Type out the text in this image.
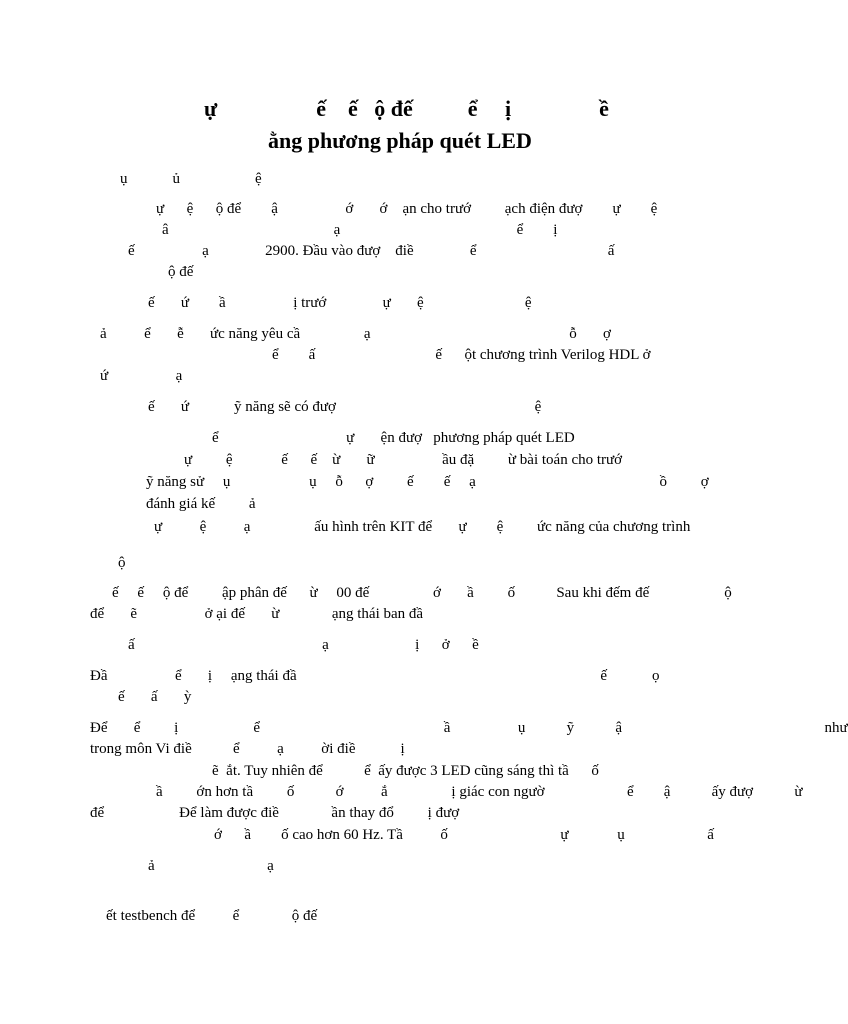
ự                  ế    ế   ộ đế          ể     ị                ề
ằng phương pháp quét LED
ụ            ủ                    ệ
ự      ệ      ộ để        ậ                  ớ       ớ    ạn cho trướ         ạch điện đượ        ự        ệ
â                                            ạ                                               ể        ị
ế                  ạ               2900. Đầu vào đượ    điề               ể                                   ấ
ộ đế
ế       ứ        ầ                  ị trướ               ự       ệ                           ệ
ả          ể       ễ       ức năng yêu cầ                 ạ                                                     ỗ       ợ
ể        ấ                                ế      ột chương trình Verilog HDL ở
ứ                  ạ
ế       ứ            ỹ năng sẽ có đượ                                                     ệ
ể                                  ự       ện đượ   phương pháp quét LED
ự         ệ             ế      ế    ừ       ữ                  ầu đặ         ừ bài toán cho trướ
ỹ năng sử     ụ                     ụ     ỗ      ợ         ế        ế     ạ                                                 ồ         ợ
đánh giá kế         ả
ự          ệ          ạ                 ấu hình trên KIT để       ự        ệ         ức năng của chương trình
ộ
ế     ế     ộ để         ập phân đế      ừ     00 đế                 ớ       ầ         ố           Sau khi đếm đế                    ộ
để       ẽ                  ở ại đế       ừ              ạng thái ban đầ
ấ                                                  ạ                       ị      ở      ề
Đầ                  ể       ị     ạng thái đầ                                                                                 ế            ọ
ế       ấ       ỳ
Để       ể         ị                    ể                                                 ầ                  ụ           ỹ           ậ                                                      như
trong môn Vi điề           ể          ạ          ời điề            ị
ẽ  ắt. Tuy nhiên để           ể  ấy được 3 LED cũng sáng thì tầ      ố
ầ         ớn hơn tầ         ố           ớ          ắ                 ị giác con ngườ                      ể        ậ           ấy đượ           ừ
để                    Để làm được điề              ần thay đổ         ị đượ
ớ      ầ        ố cao hơn 60 Hz. Tầ          ố                              ự             ụ                      ấ
ả                              ạ
ết testbench để          ể              ộ đế
